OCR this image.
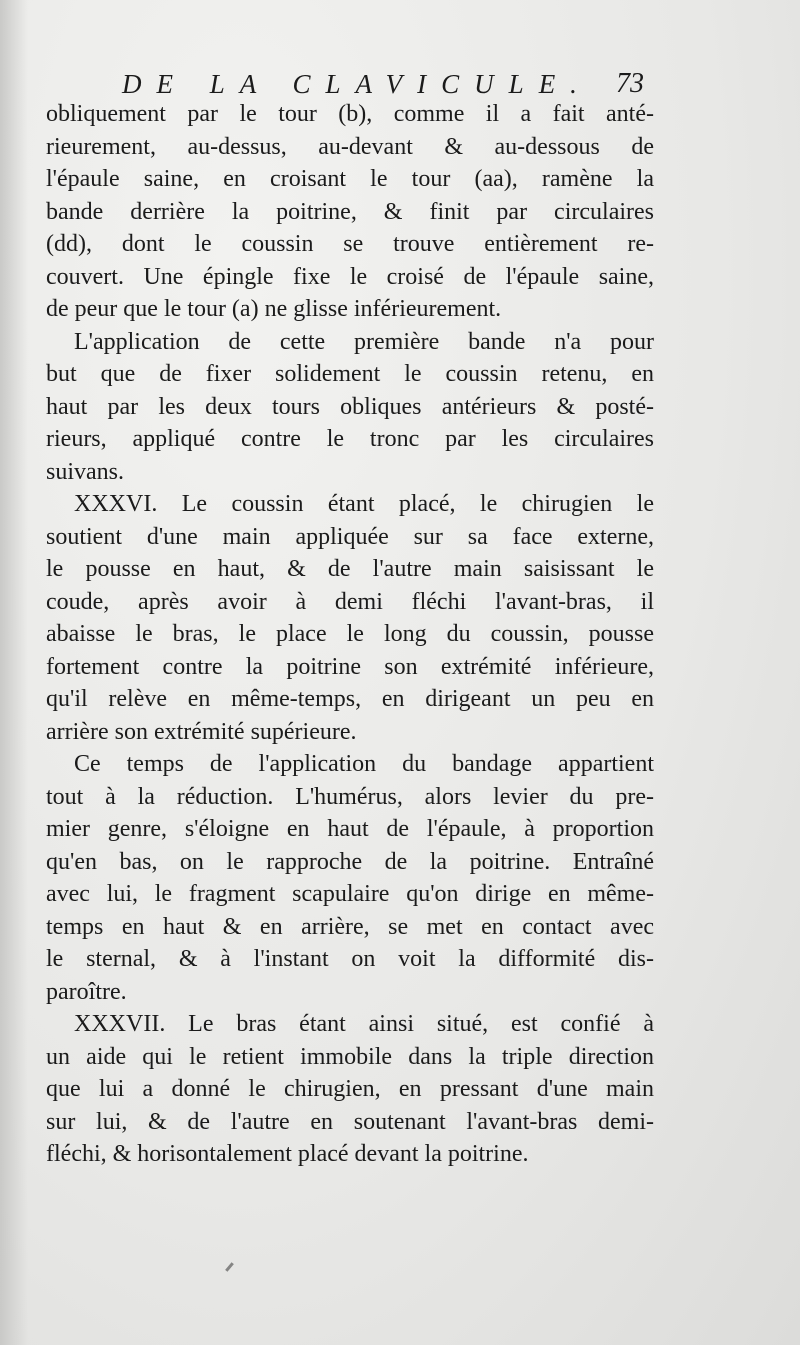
DE LA CLAVICULE. 73
obliquement par le tour (b), comme il a fait anté-
rieurement, au-dessus, au-devant & au-dessous de
l'épaule saine, en croisant le tour (aa), ramène la
bande derrière la poitrine, & finit par circulaires
(dd), dont le coussin se trouve entièrement re-
couvert. Une épingle fixe le croisé de l'épaule saine,
de peur que le tour (a) ne glisse inférieurement.
L'application de cette première bande n'a pour
but que de fixer solidement le coussin retenu, en
haut par les deux tours obliques antérieurs & posté-
rieurs, appliqué contre le tronc par les circulaires
suivans.
XXXVI. Le coussin étant placé, le chirugien le
soutient d'une main appliquée sur sa face externe,
le pousse en haut, & de l'autre main saisissant le
coude, après avoir à demi fléchi l'avant-bras, il
abaisse le bras, le place le long du coussin, pousse
fortement contre la poitrine son extrémité inférieure,
qu'il relève en même-temps, en dirigeant un peu en
arrière son extrémité supérieure.
Ce temps de l'application du bandage appartient
tout à la réduction. L'humérus, alors levier du pre-
mier genre, s'éloigne en haut de l'épaule, à proportion
qu'en bas, on le rapproche de la poitrine. Entraîné
avec lui, le fragment scapulaire qu'on dirige en même-
temps en haut & en arrière, se met en contact avec
le sternal, & à l'instant on voit la difformité dis-
paroître.
XXXVII. Le bras étant ainsi situé, est confié à
un aide qui le retient immobile dans la triple direction
que lui a donné le chirugien, en pressant d'une main
sur lui, & de l'autre en soutenant l'avant-bras demi-
fléchi, & horisontalement placé devant la poitrine.
